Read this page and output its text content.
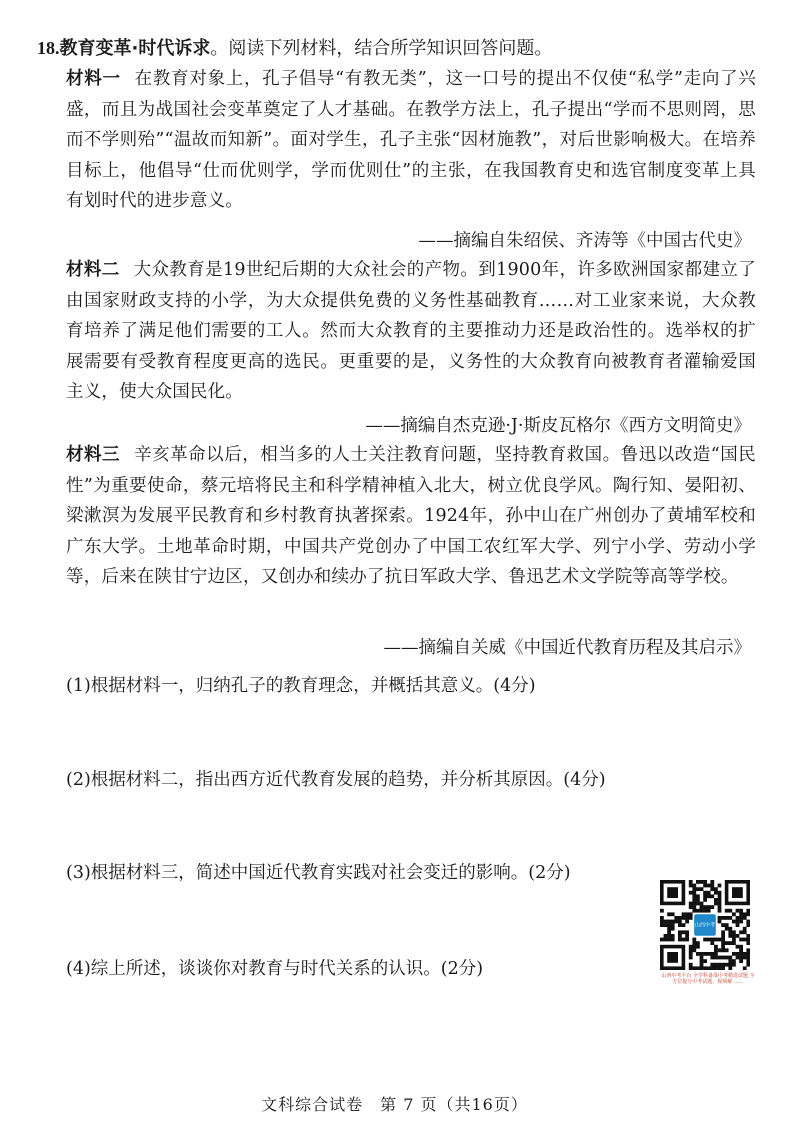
18.教育变革·时代诉求。阅读下列材料，结合所学知识回答问题。
材料一 在教育对象上，孔子倡导“有教无类”，这一口号的提出不仅使“私学”走向了兴盛，而且为战国社会变革奠定了人才基础。在教学方法上，孔子提出“学而不思则罔，思而不学则殆”“温故而知新”。面对学生，孔子主张“因材施教”，对后世影响极大。在培养目标上，他倡导“仕而优则学，学而优则仕”的主张，在我国教育史和选官制度变革上具有划时代的进步意义。
——摘编自朱绍侯、齐涛等《中国古代史》
材料二 大众教育是19世纪后期的大众社会的产物。到1900年，许多欧洲国家都建立了由国家财政支持的小学，为大众提供免费的义务性基础教育……对工业家来说，大众教育培养了满足他们需要的工人。然而大众教育的主要推动力还是政治性的。选举权的扩展需要有受教育程度更高的选民。更重要的是，义务性的大众教育向被教育者灌输爱国主义，使大众国民化。
——摘编自杰克逊·J·斯皮瓦格尔《西方文明简史》
材料三 辛亥革命以后，相当多的人士关注教育问题，坚持教育救国。鲁迅以改造“国民性”为重要使命，蔡元培将民主和科学精神植入北大，树立优良学风。陶行知、晏阳初、梁漱溟为发展平民教育和乡村教育执著探索。1924年，孙中山在广州创办了黄埔军校和广东大学。土地革命时期，中国共产党创办了中国工农红军大学、列宁小学、劳动小学等，后来在陕甘宁边区，又创办和续办了抗日军政大学、鲁迅艺术文学院等高等学校。
——摘编自关威《中国近代教育历程及其启示》
(1)根据材料一，归纳孔子的教育理念，并概括其意义。(4分)
(2)根据材料二，指出西方近代教育发展的趋势，并分析其原因。(4分)
(3)根据材料三，简述中国近代教育实践对社会变迁的影响。(2分)
(4)综上所述，谈谈你对教育与时代关系的认识。(2分)
山西中考
山西中考平台 全学科备战中考精选试题 全方位提分中考试题、视频解 ……
文科综合试卷　第 7 页（共16页）
